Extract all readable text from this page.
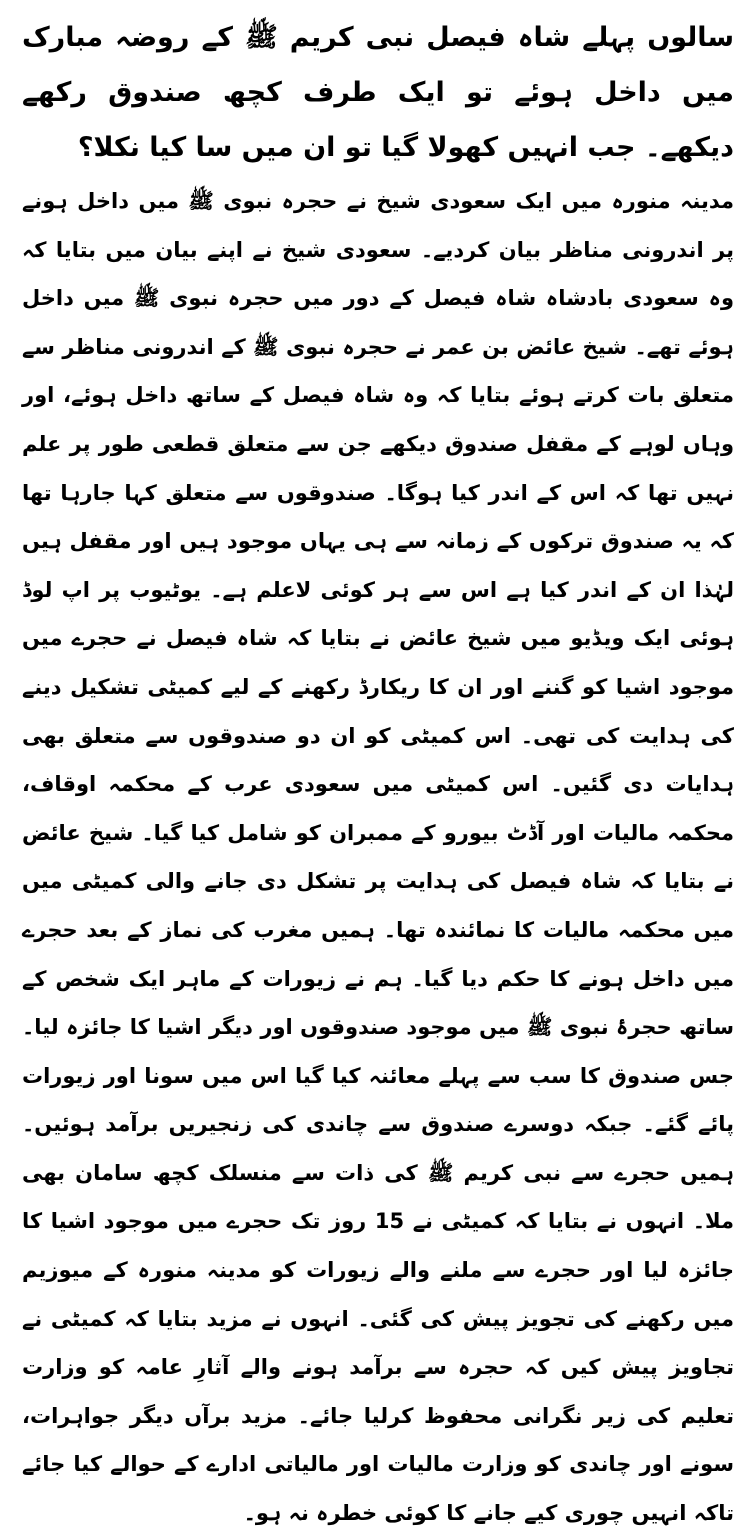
سالوں پہلے شاہ فیصل نبی کریم ﷺ کے روضہ مبارک میں داخل ہوئے تو ایک طرف کچھ صندوق رکھے دیکھے۔ جب انہیں کھولا گیا تو ان میں سا کیا نکلا؟

مدینہ منورہ میں ایک سعودی شیخ نے حجرہ نبوی ﷺ میں داخل ہونے پر اندرونی مناظر بیان کردیے۔ سعودی شیخ نے اپنے بیان میں بتایا کہ وہ سعودی بادشاہ شاہ فیصل کے دور میں حجرہ نبوی ﷺ میں داخل ہوئے تھے۔ شیخ عائض بن عمر نے حجرہ نبوی ﷺ کے اندرونی مناظر سے متعلق بات کرتے ہوئے بتایا کہ وہ شاہ فیصل کے ساتھ داخل ہوئے، اور وہاں لوہے کے مقفل صندوق دیکھے جن سے متعلق قطعی طور پر علم نہیں تھا کہ اس کے اندر کیا ہوگا۔ صندوقوں سے متعلق کہا جارہا تھا کہ یہ صندوق ترکوں کے زمانہ سے ہی یہاں موجود ہیں اور مقفل ہیں لہٰذا ان کے اندر کیا ہے اس سے ہر کوئی لاعلم ہے۔ یوٹیوب پر اپ لوڈ ہوئی ایک ویڈیو میں شیخ عائض نے بتایا کہ شاہ فیصل نے حجرے میں موجود اشیا کو گننے اور ان کا ریکارڈ رکھنے کے لیے کمیٹی تشکیل دینے کی ہدایت کی تھی۔ اس کمیٹی کو ان دو صندوقوں سے متعلق بھی ہدایات دی گئیں۔ اس کمیٹی میں سعودی عرب کے محکمہ اوقاف، محکمہ مالیات اور آڈٹ بیورو کے ممبران کو شامل کیا گیا۔ شیخ عائض نے بتایا کہ شاہ فیصل کی ہدایت پر تشکل دی جانے والی کمیٹی میں میں محکمہ مالیات کا نمائندہ تھا۔ ہمیں مغرب کی نماز کے بعد حجرے میں داخل ہونے کا حکم دیا گیا۔ ہم نے زیورات کے ماہر ایک شخص کے ساتھ حجرۂ نبوی ﷺ میں موجود صندوقوں اور دیگر اشیا کا جائزہ لیا۔ جس صندوق کا سب سے پہلے معائنہ کیا گیا اس میں سونا اور زیورات پائے گئے۔ جبکہ دوسرے صندوق سے چاندی کی زنجیریں برآمد ہوئیں۔ ہمیں حجرے سے نبی کریم ﷺ کی ذات سے منسلک کچھ سامان بھی ملا۔ انہوں نے بتایا کہ کمیٹی نے 15 روز تک حجرے میں موجود اشیا کا جائزہ لیا اور حجرے سے ملنے والے زیورات کو مدینہ منورہ کے میوزیم میں رکھنے کی تجویز پیش کی گئی۔ انہوں نے مزید بتایا کہ کمیٹی نے تجاویز پیش کیں کہ حجرہ سے برآمد ہونے والے آثارِ عامہ کو وزارت تعلیم کی زیر نگرانی محفوظ کرلیا جائے۔ مزید برآں دیگر جواہرات، سونے اور چاندی کو وزارت مالیات اور مالیاتی ادارے کے حوالے کیا جائے تاکہ انہیں چوری کیے جانے کا کوئی خطرہ نہ ہو۔
